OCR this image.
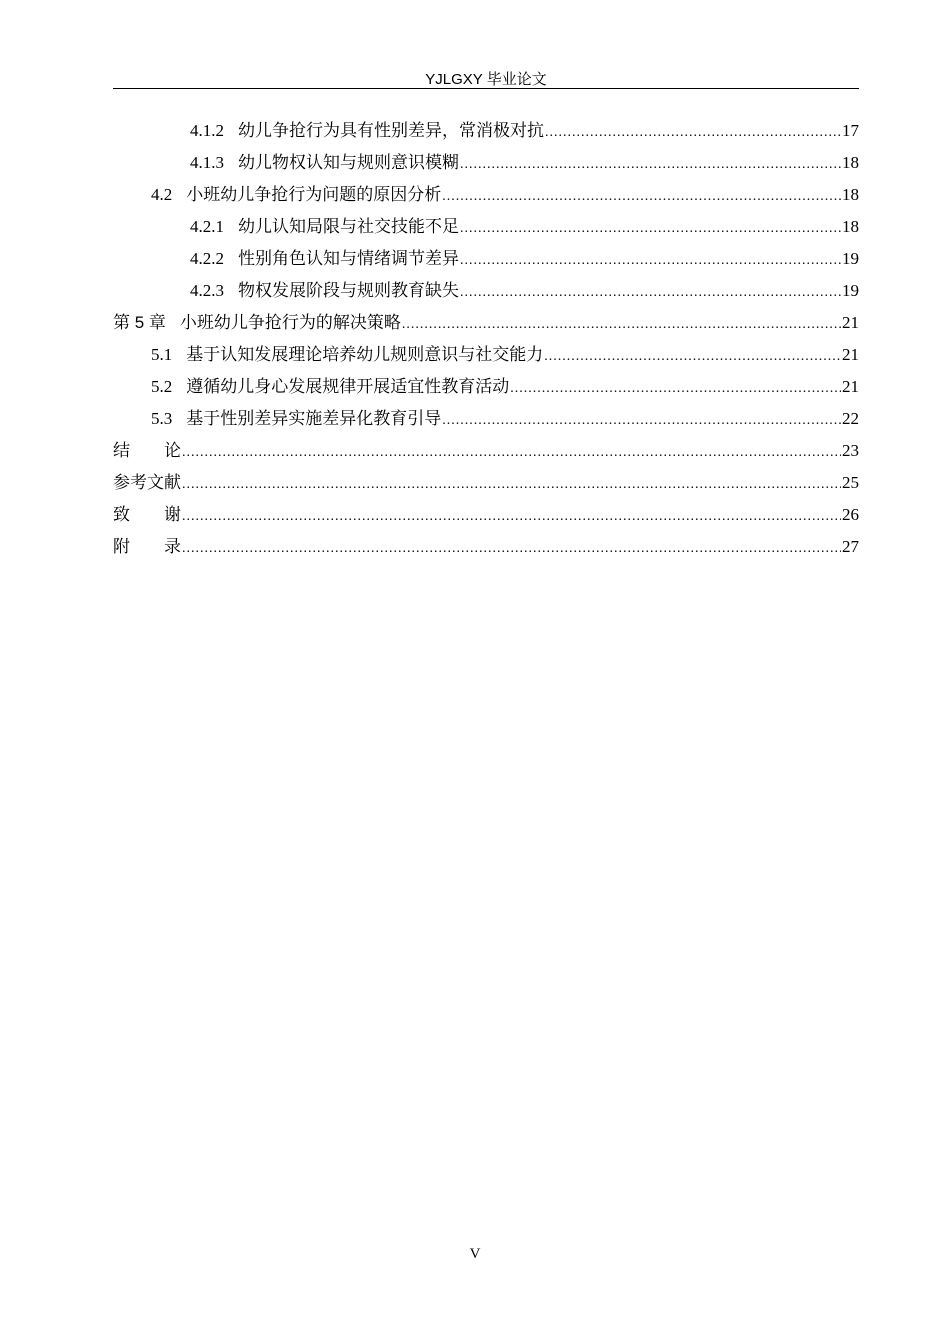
YJLGXY 毕业论文
4.1.2 幼儿争抢行为具有性别差异，常消极对抗 .....	17
4.1.3 幼儿物权认知与规则意识模糊 .....	18
4.2 小班幼儿争抢行为问题的原因分析 .....	18
4.2.1 幼儿认知局限与社交技能不足 .....	18
4.2.2 性别角色认知与情绪调节差异 .....	19
4.2.3 物权发展阶段与规则教育缺失 .....	19
第 5 章 小班幼儿争抢行为的解决策略 .....	21
5.1 基于认知发展理论培养幼儿规则意识与社交能力 .....	21
5.2 遵循幼儿身心发展规律开展适宜性教育活动 .....	21
5.3 基于性别差异实施差异化教育引导 .....	22
结　　论 .....	23
参考文献 .....	25
致　　谢 .....	26
附　　录 .....	27
V
